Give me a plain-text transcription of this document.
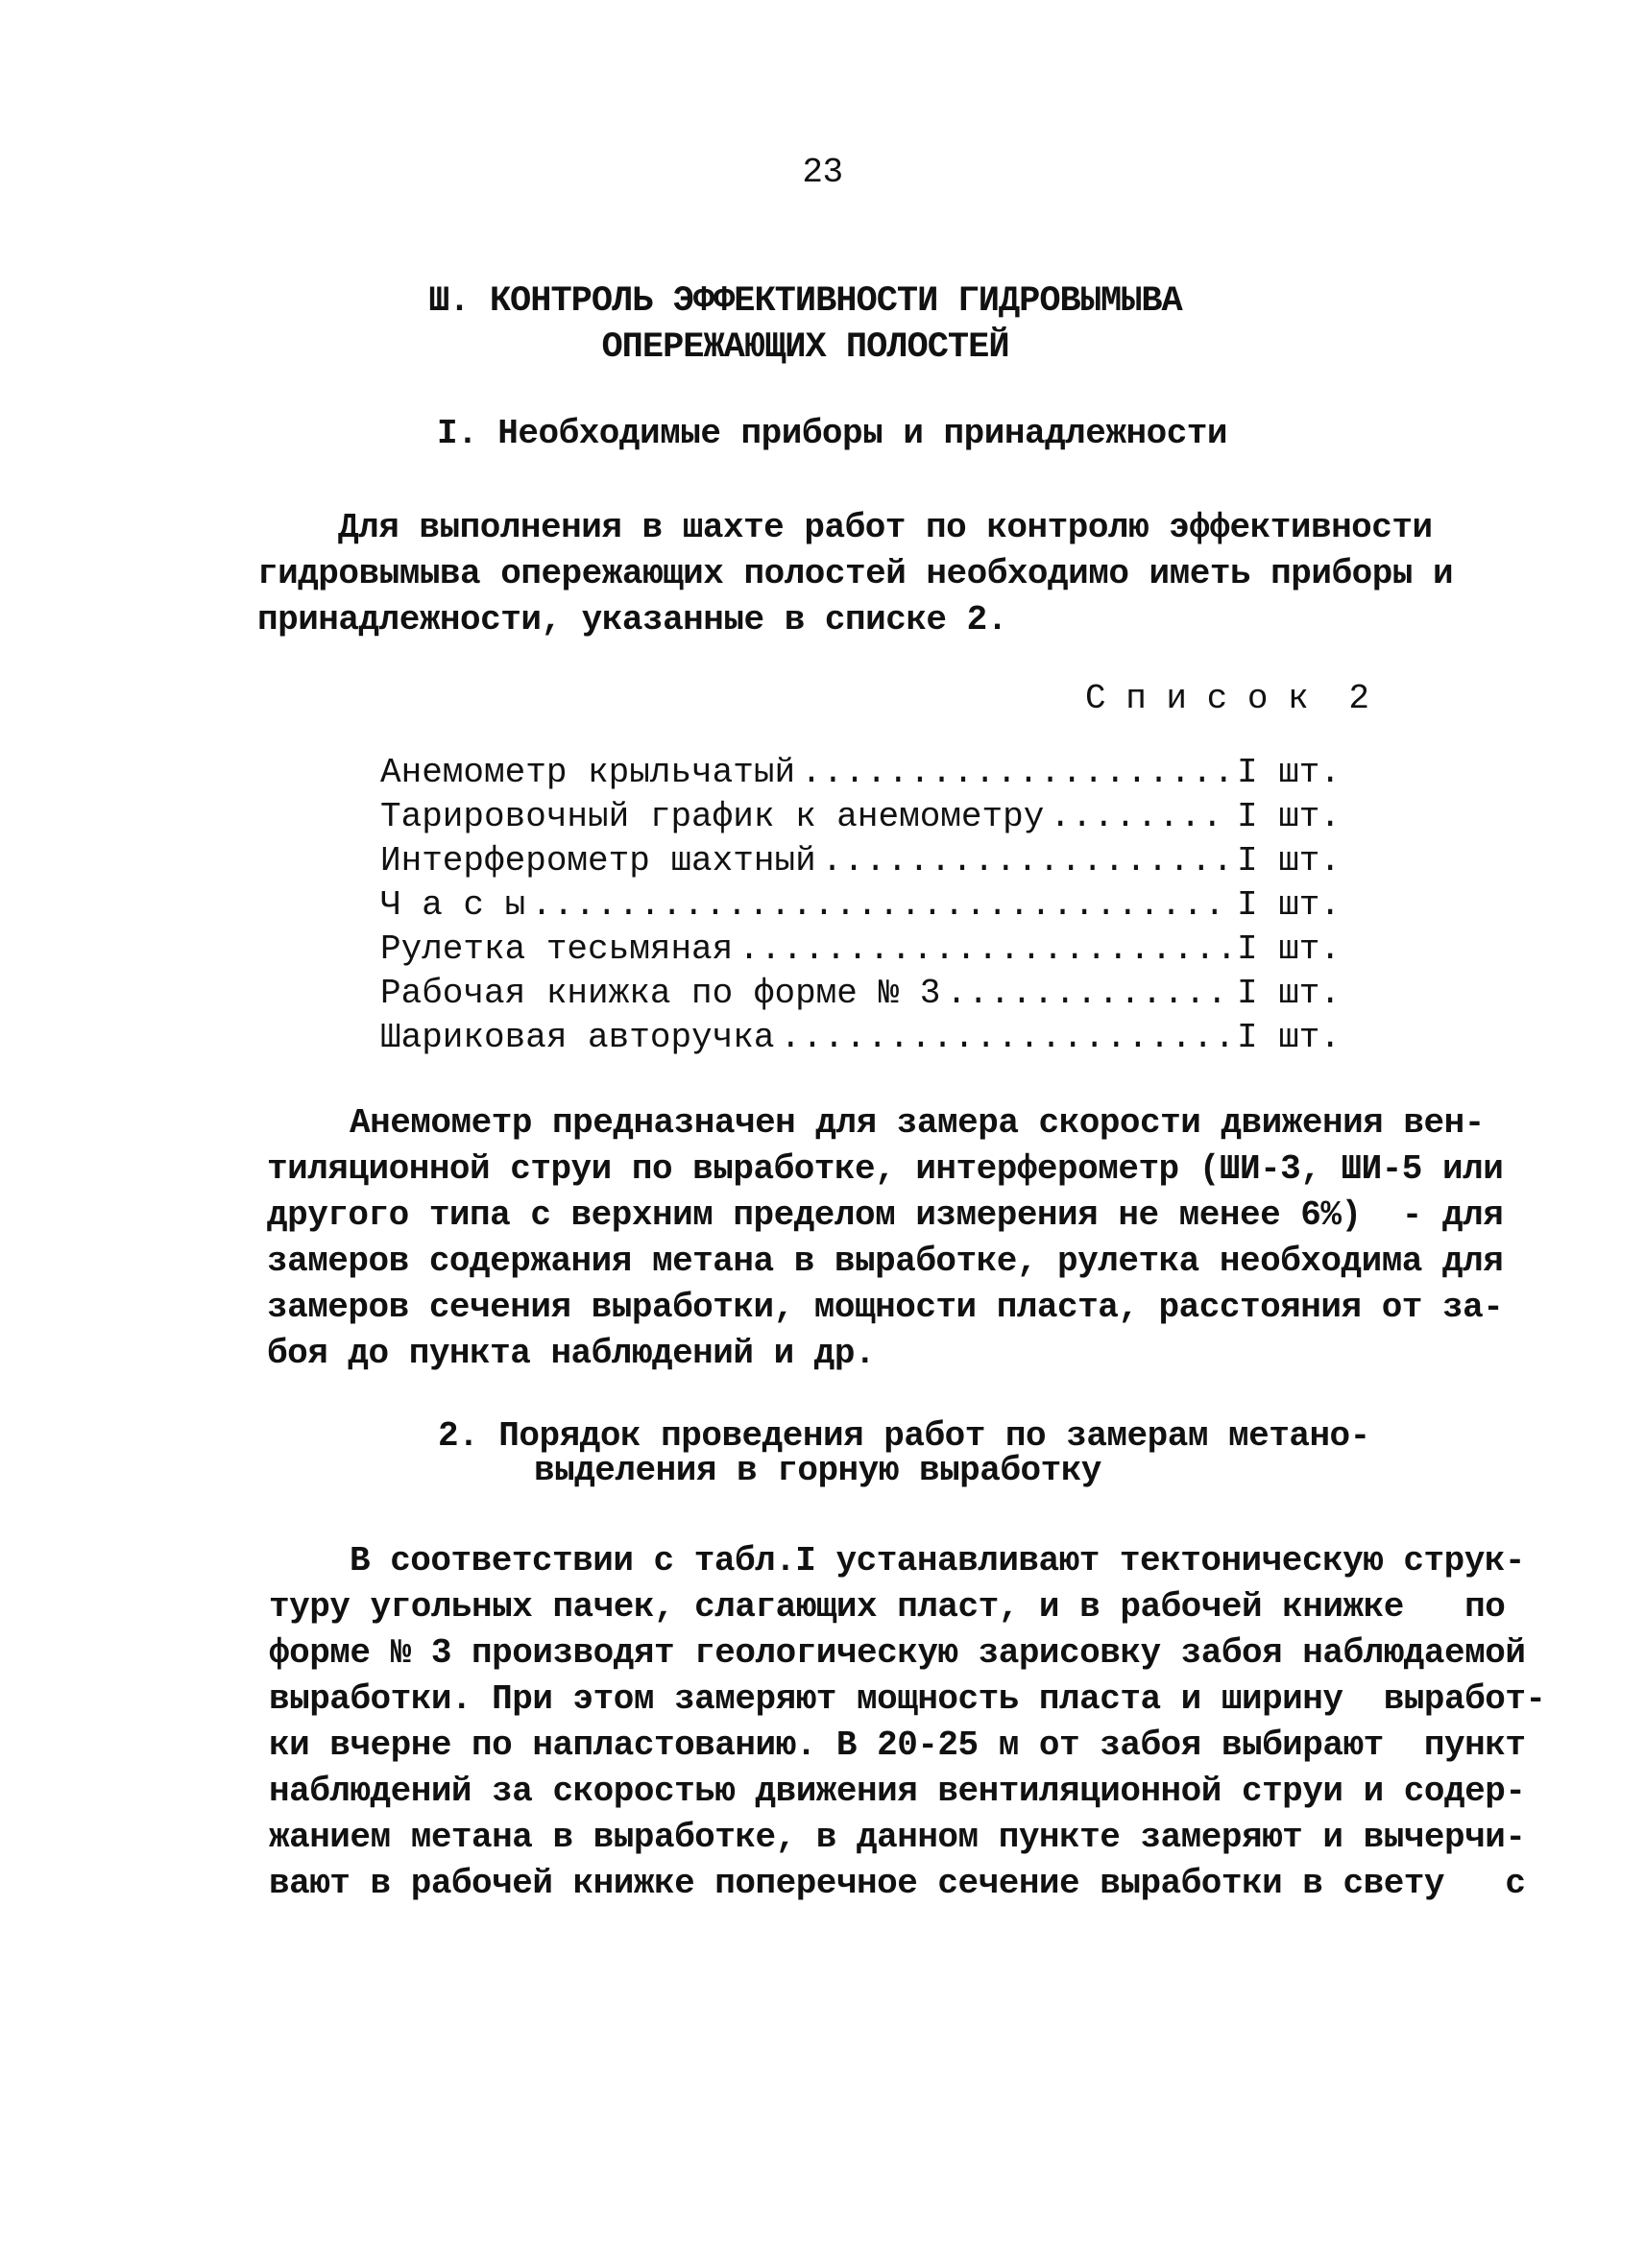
23
Ш. КОНТРОЛЬ ЭФФЕКТИВНОСТИ ГИДРОВЫМЫВА
ОПЕРЕЖАЮЩИХ ПОЛОСТЕЙ
I. Необходимые приборы и принадлежности
Для выполнения в шахте работ по контролю эффективности
гидровымыва опережающих полостей необходимо иметь приборы и
принадлежности, указанные в списке 2.
С п и с о к  2
Анемометр крыльчатый .....	I шт.
Тарировочный график к анемометру .....	I шт.
Интерферометр шахтный .....	I шт.
Ч а с ы .....	I шт.
Рулетка тесьмяная .....	I шт.
Рабочая книжка по форме № 3 .....	I шт.
Шариковая авторучка .....	I шт.
Анемометр предназначен для замера скорости движения вен-
тиляционной струи по выработке, интерферометр (ШИ-3, ШИ-5 или
другого типа с верхним пределом измерения не менее 6%)  - для
замеров содержания метана в выработке, рулетка необходима для
замеров сечения выработки, мощности пласта, расстояния от за-
боя до пункта наблюдений и др.
2. Порядок проведения работ по замерам метано-
выделения в горную выработку
В соответствии с табл.I устанавливают тектоническую струк-
туру угольных пачек, слагающих пласт, и в рабочей книжке   по
форме № 3 производят геологическую зарисовку забоя наблюдаемой
выработки. При этом замеряют мощность пласта и ширину  выработ-
ки вчерне по напластованию. В 20-25 м от забоя выбирают  пункт
наблюдений за скоростью движения вентиляционной струи и содер-
жанием метана в выработке, в данном пункте замеряют и вычерчи-
вают в рабочей книжке поперечное сечение выработки в свету   с
